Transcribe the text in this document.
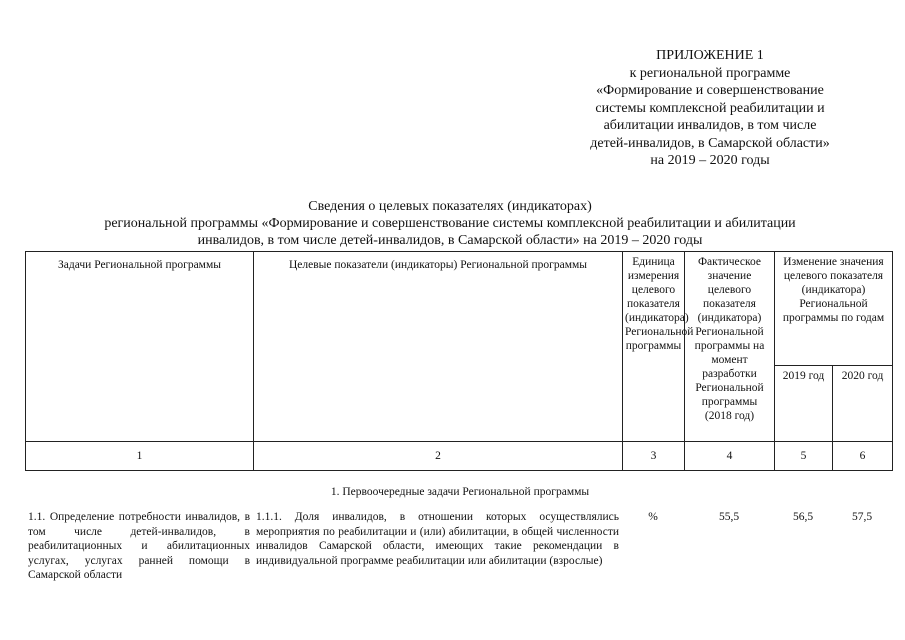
ПРИЛОЖЕНИЕ 1
к региональной программе
«Формирование и совершенствование
системы комплексной реабилитации и
абилитации инвалидов, в том числе
детей-инвалидов, в Самарской области»
на 2019 – 2020 годы
Сведения о целевых показателях (индикаторах)
региональной программы «Формирование и совершенствование системы комплексной реабилитации и абилитации
инвалидов, в том числе детей-инвалидов, в Самарской области» на 2019 – 2020 годы
Задачи Региональной программы	Целевые показатели (индикаторы) Региональной программы	Единица измерения целевого показателя (индикатора) Региональной программы	Фактическое значение целевого показателя (индикатора) Региональной программы на момент разработки Региональной программы (2018 год)	Изменение значения целевого показателя (индикатора) Региональной программы по годам	
				2019 год	2020 год
1	2	3	4	5	6
1. Первоочередные задачи Региональной программы
1.1. Определение потребности инвалидов, в том числе детей-инвалидов, в реабилитационных и абилитационных услугах, услугах ранней помощи в Самарской области	1.1.1. Доля инвалидов, в отношении которых осуществлялись мероприятия по реабилитации и (или) абилитации, в общей численности инвалидов Самарской области, имеющих такие рекомендации в индивидуальной программе реабилитации или абилитации (взрослые)	%	55,5	56,5	57,5
